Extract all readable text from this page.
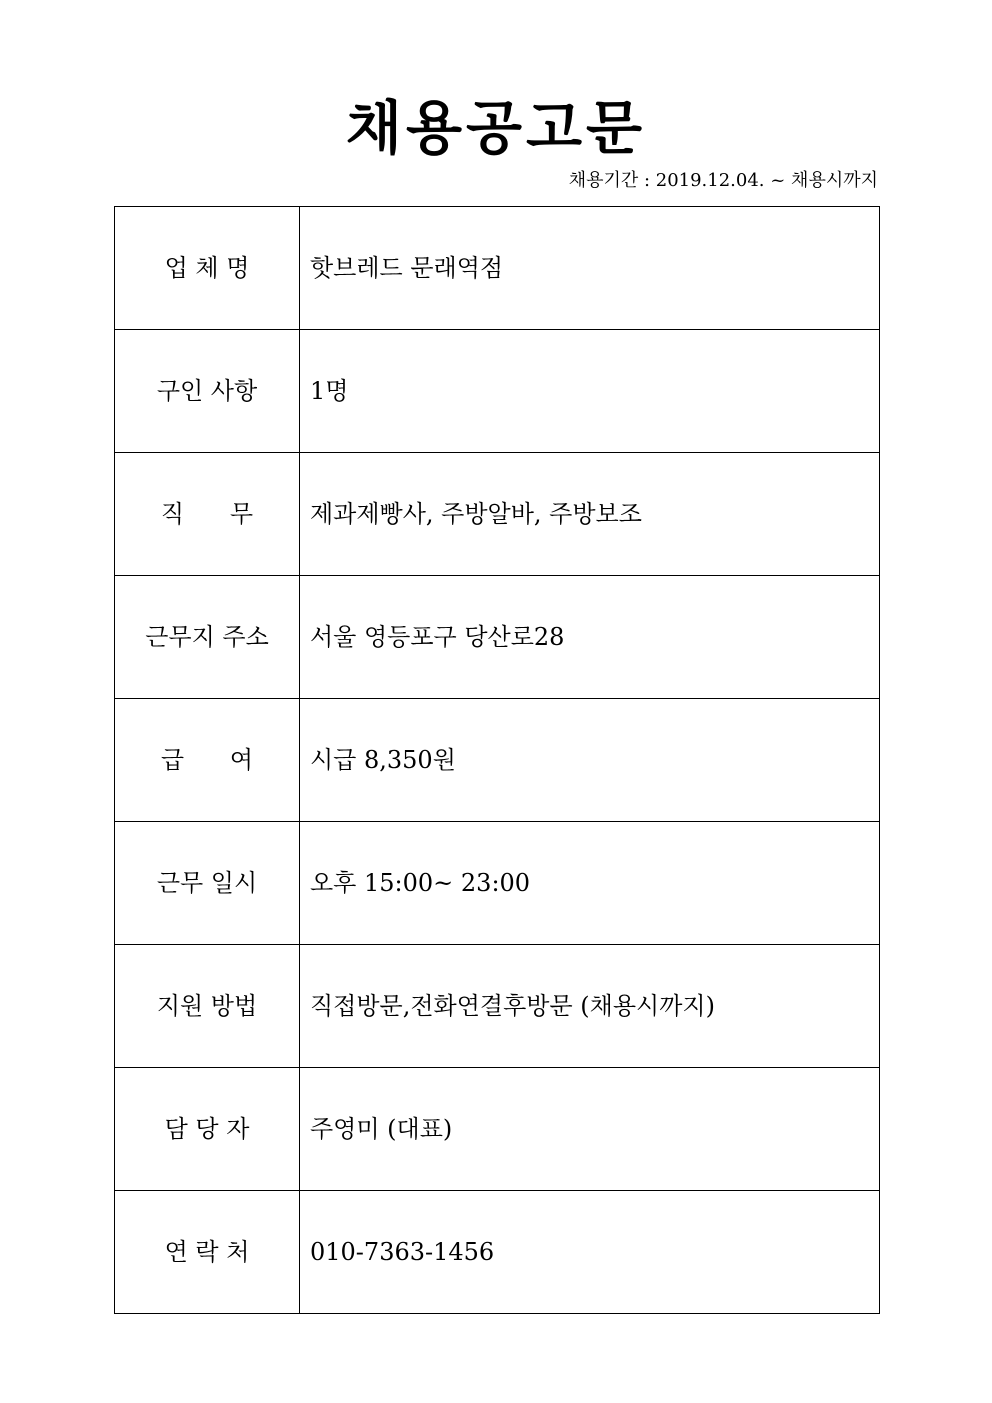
채용공고문
채용기간 : 2019.12.04. ~ 채용시까지
업 체 명	핫브레드 문래역점
구인 사항	1명
직      무	제과제빵사, 주방알바, 주방보조
근무지 주소	서울 영등포구 당산로28
급      여	시급 8,350원
근무 일시	오후 15:00~ 23:00
지원 방법	직접방문,전화연결후방문 (채용시까지)
담 당 자	주영미 (대표)
연 락 처	010-7363-1456
